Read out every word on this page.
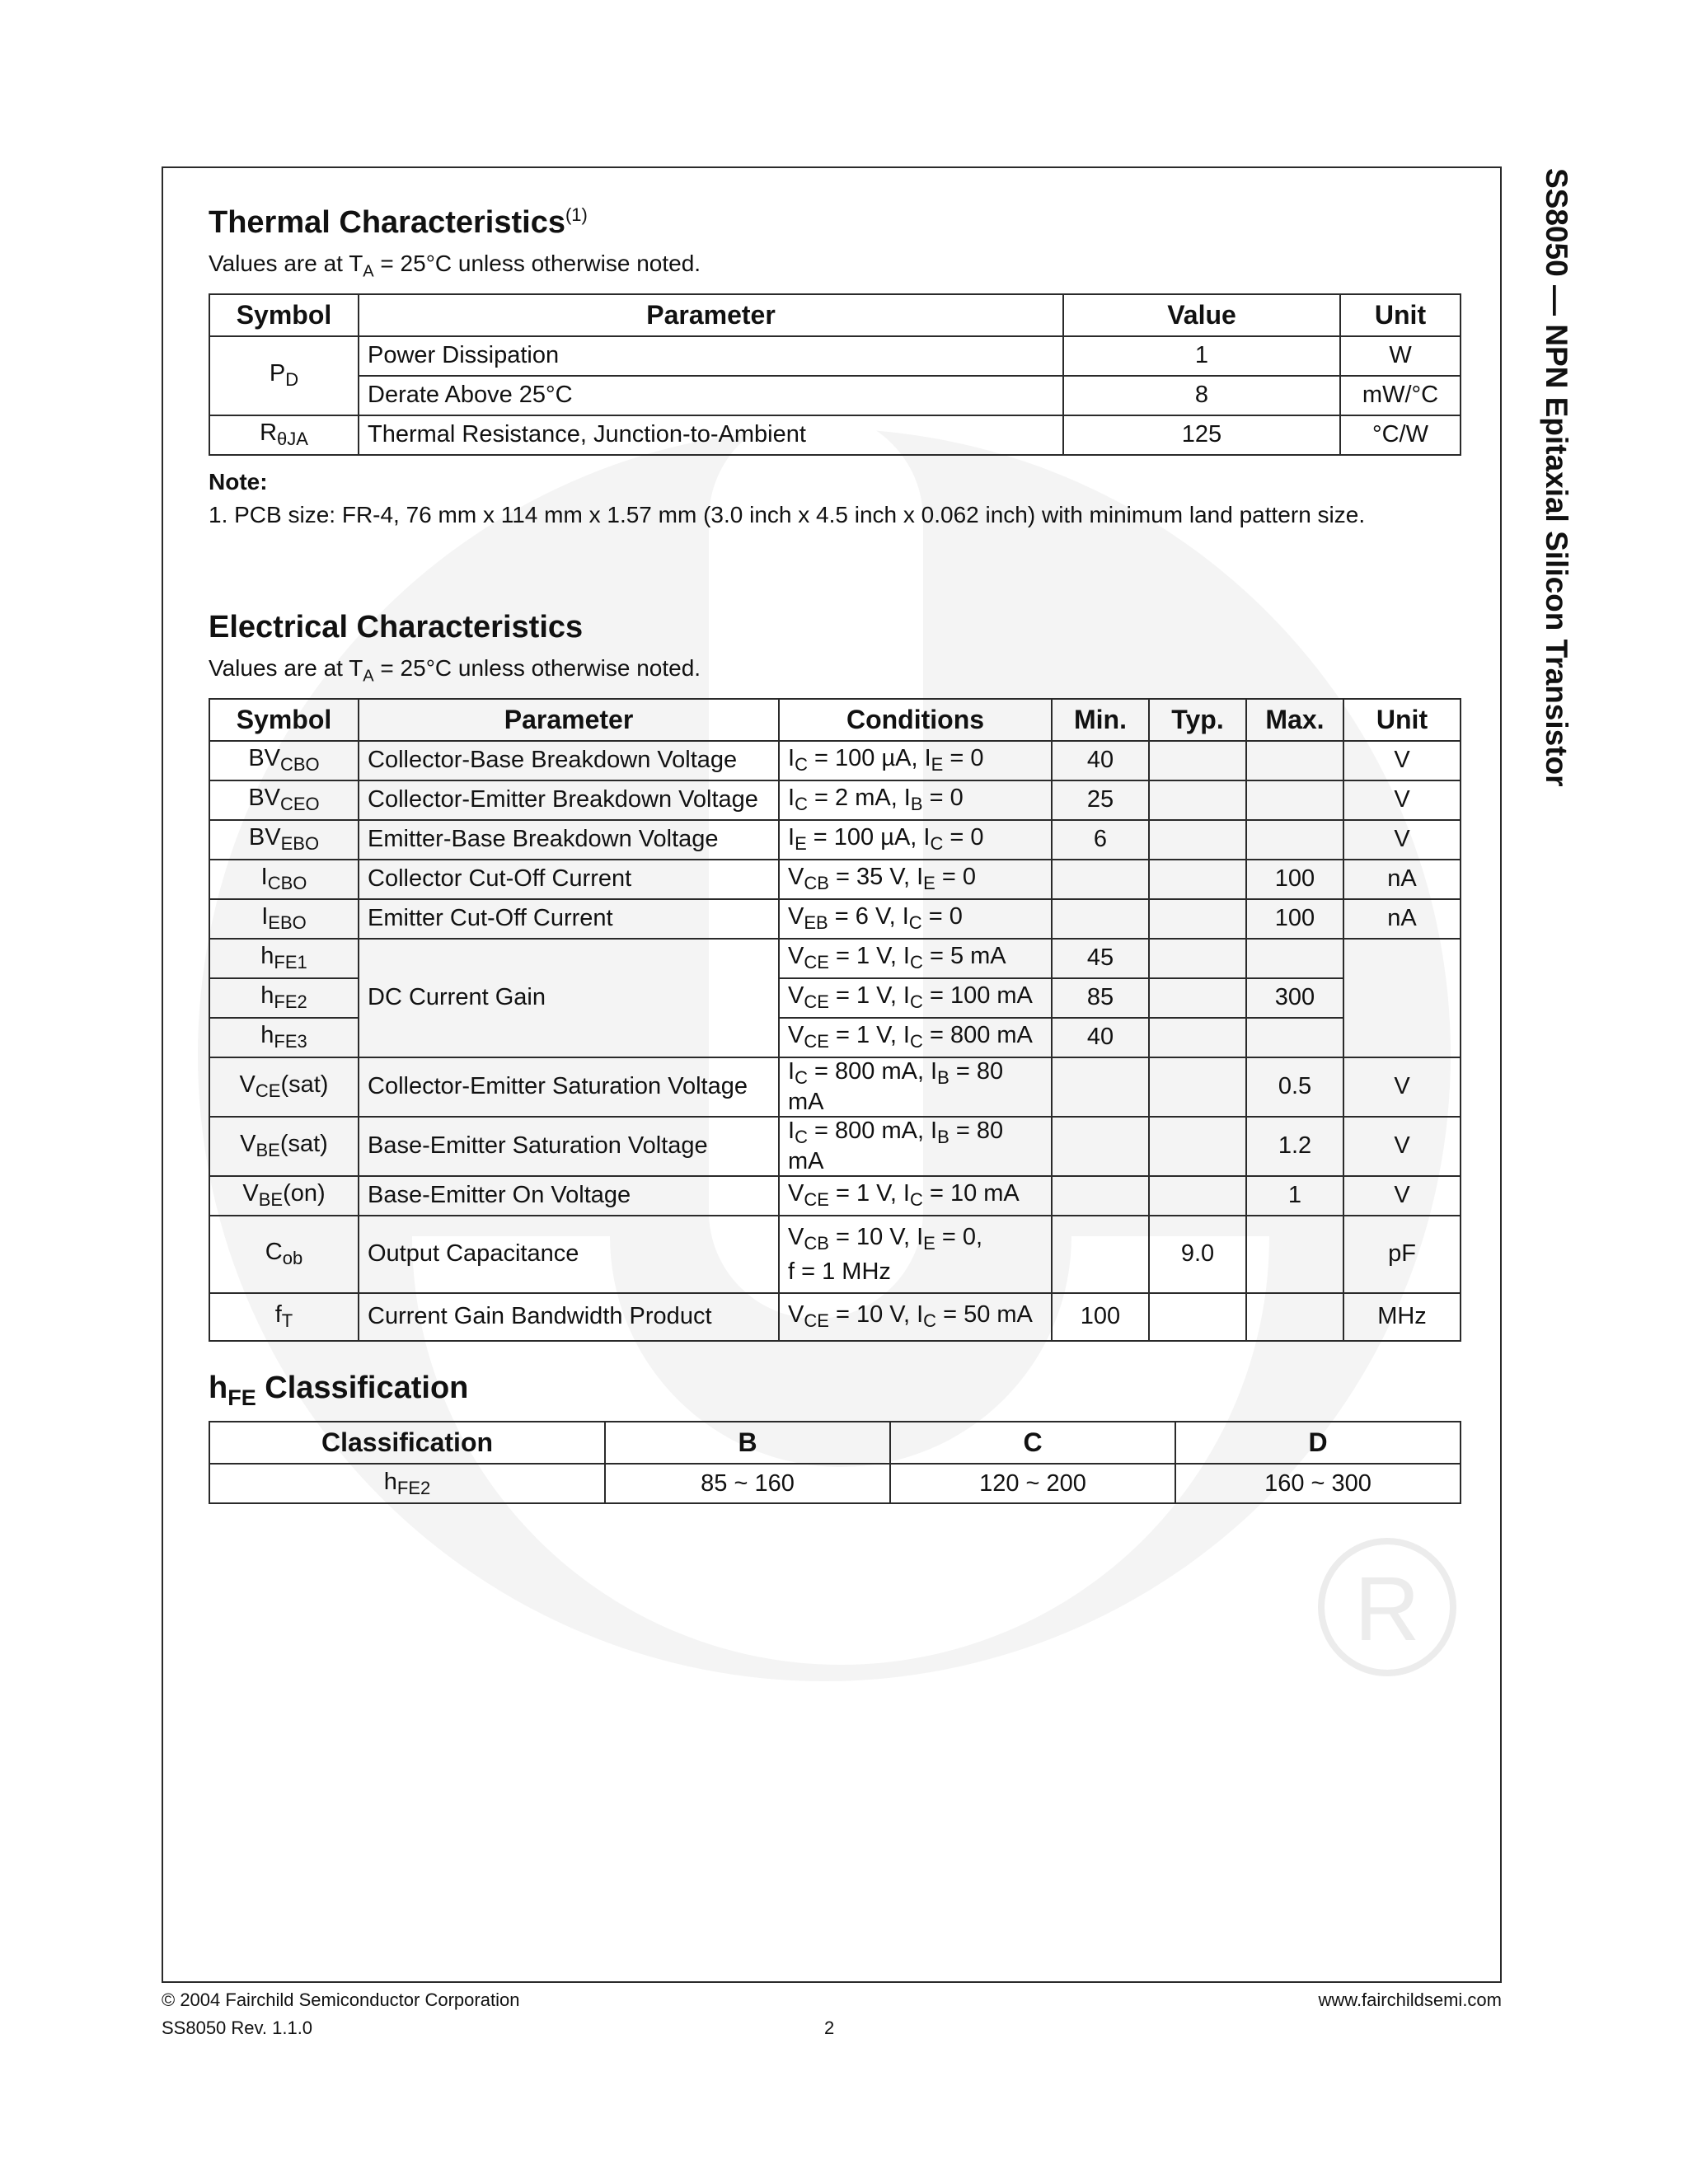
R
SS8050 — NPN Epitaxial Silicon Transistor
Thermal Characteristics$^{(1)}$
Values are at $T_A = 25^\circ C$ unless otherwise noted.
Symbol	Parameter	Value	Unit
$P_D$	Power Dissipation	1	W
	Derate Above 25°C	8	mW/°C
$R_{\theta JA}$	Thermal Resistance, Junction-to-Ambient	125	°C/W
Note:
1. PCB size: FR-4, 76 mm x 114 mm x 1.57 mm (3.0 inch x 4.5 inch x 0.062 inch) with minimum land pattern size.
Electrical Characteristics
Values are at $T_A = 25^\circ C$ unless otherwise noted.
Symbol	Parameter	Conditions	Min.	Typ.	Max.	Unit
$BV_{CBO}$	Collector-Base Breakdown Voltage	$I_C = 100$ µA, $I_E = 0$	40			V
$BV_{CEO}$	Collector-Emitter Breakdown Voltage	$I_C = 2$ mA, $I_B = 0$	25			V
$BV_{EBO}$	Emitter-Base Breakdown Voltage	$I_E = 100$ µA, $I_C = 0$	6			V
$I_{CBO}$	Collector Cut-Off Current	$V_{CB} = 35$ V, $I_E = 0$			100	nA
$I_{EBO}$	Emitter Cut-Off Current	$V_{EB} = 6$ V, $I_C = 0$			100	nA
$h_{FE1}$	DC Current Gain	$V_{CE} = 1$ V, $I_C = 5$ mA	45			
$h_{FE2}$		$V_{CE} = 1$ V, $I_C = 100$ mA	85		300	
$h_{FE3}$		$V_{CE} = 1$ V, $I_C = 800$ mA	40			
$V_{CE}(sat)$	Collector-Emitter Saturation Voltage	$I_C = 800$ mA, $I_B = 80$ mA			0.5	V
$V_{BE}(sat)$	Base-Emitter Saturation Voltage	$I_C = 800$ mA, $I_B = 80$ mA			1.2	V
$V_{BE}(on)$	Base-Emitter On Voltage	$V_{CE} = 1$ V, $I_C = 10$ mA			1	V
$C_{ob}$	Output Capacitance	$V_{CB} = 10$ V, $I_E = 0$,
f = 1 MHz		9.0		pF
$f_T$	Current Gain Bandwidth Product	$V_{CE} = 10$ V, $I_C = 50$ mA	100			MHz
$h_{FE}$ Classification
Classification	B	C	D
$h_{FE2}$	85 ~ 160	120 ~ 200	160 ~ 300
© 2004 Fairchild Semiconductor Corporation
SS8050 Rev. 1.1.0	2
www.fairchildsemi.com
